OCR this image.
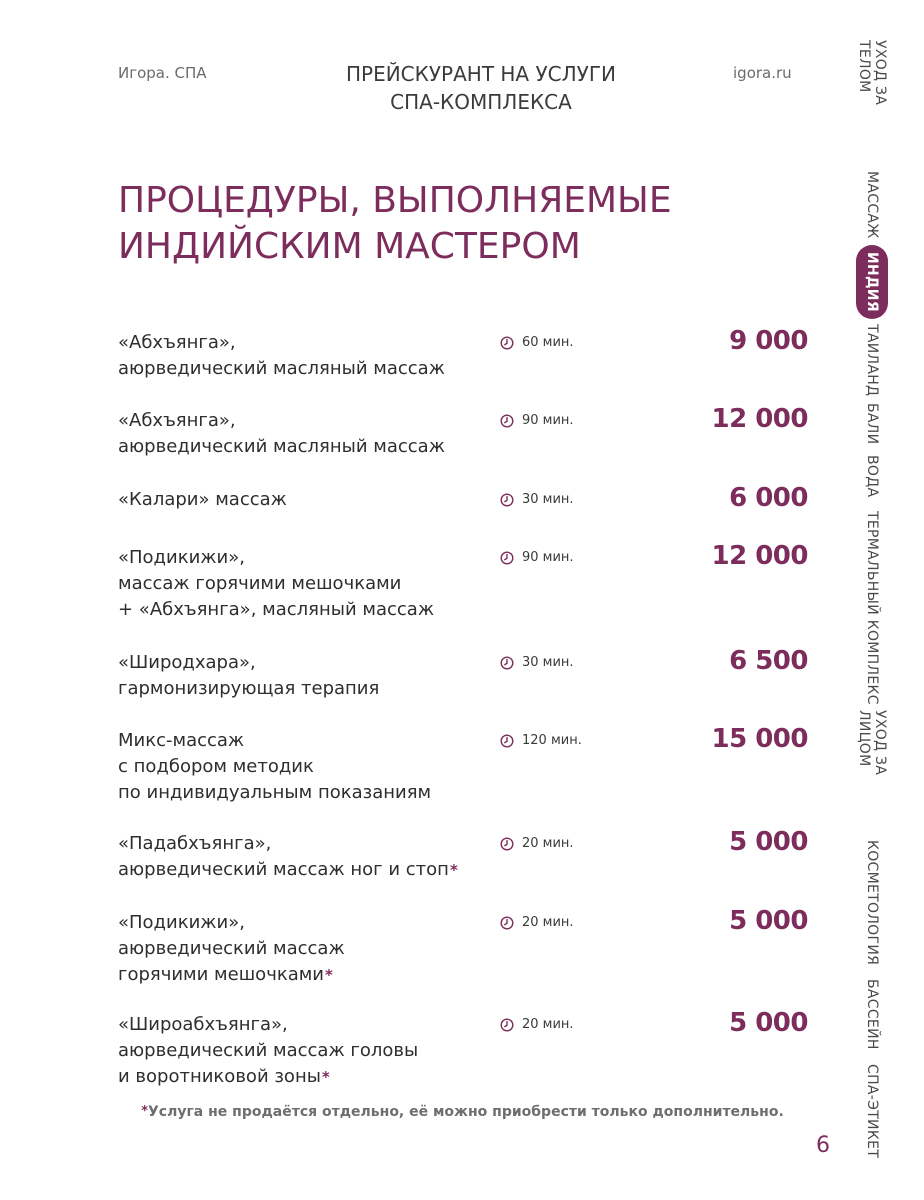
Игора. СПА	ПРЕЙСКУРАНТ НА УСЛУГИ
СПА-КОМПЛЕКСА
igora.ru
ПРОЦЕДУРЫ, ВЫПОЛНЯЕМЫЕ
ИНДИЙСКИМ МАСТЕРОМ
«Абхъянга»,
аюрведический масляный массаж
60 мин.	9 000
«Абхъянга»,
аюрведический масляный массаж
90 мин.	12 000
«Калари» массаж	30 мин.	6 000
«Подикижи»,
массаж горячими мешочками
+ «Абхъянга», масляный массаж
90 мин.	12 000
«Широдхара»,
гармонизирующая терапия
30 мин.	6 500
Микс-массаж
с подбором методик
по индивидуальным показаниям
120 мин.	15 000
«Падабхъянга»,
аюрведический массаж ног и стоп*
20 мин.	5 000
«Подикижи»,
аюрведический массаж
горячими мешочками*
20 мин.	5 000
«Широабхъянга»,
аюрведический массаж головы
и воротниковой зоны*
20 мин.	5 000
*Услуга не продаётся отдельно, её можно приобрести только дополнительно.
6
УХОД ЗА ТЕЛОМ
МАССАЖ
ИНДИЯ
ТАИЛАНД
БАЛИ
ВОДА
ТЕРМАЛЬНЫЙ КОМПЛЕКС
УХОД ЗА ЛИЦОМ
КОСМЕТОЛОГИЯ
БАССЕЙН
СПА-ЭТИКЕТ
